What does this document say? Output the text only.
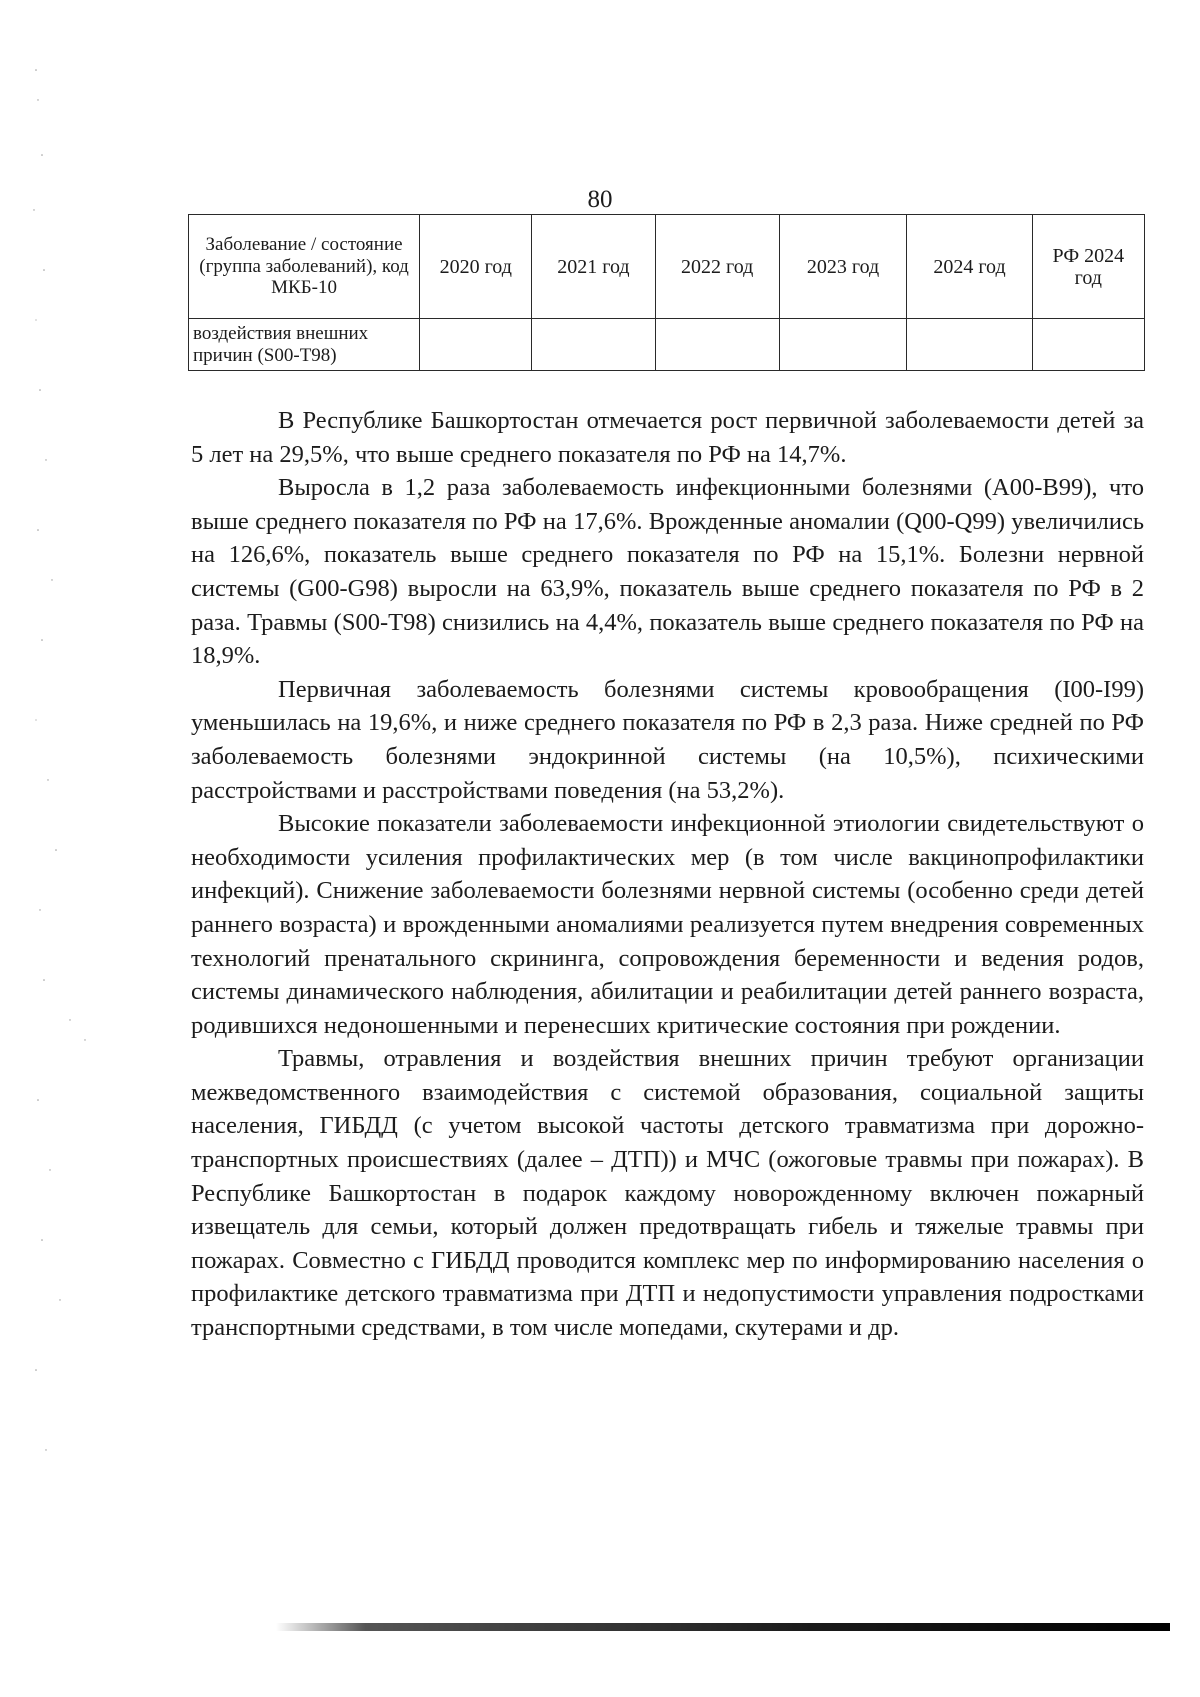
80
Заболевание / состояние (группа заболеваний), код МКБ-10	2020 год	2021 год	2022 год	2023 год	2024 год	РФ 2024 год
воздействия внешних причин (S00-T98)						

В Республике Башкортостан отмечается рост первичной заболеваемости детей за 5 лет на 29,5%, что выше среднего показателя по РФ на 14,7%.

Выросла в 1,2 раза заболеваемость инфекционными болезнями (A00-B99), что выше среднего показателя по РФ на 17,6%. Врожденные аномалии (Q00-Q99) увеличились на 126,6%, показатель выше среднего показателя по РФ на 15,1%. Болезни нервной системы (G00-G98) выросли на 63,9%, показатель выше среднего показателя по РФ в 2 раза. Травмы (S00-T98) снизились на 4,4%, показатель выше среднего показателя по РФ на 18,9%.

Первичная заболеваемость болезнями системы кровообращения (I00-I99) уменьшилась на 19,6%, и ниже среднего показателя по РФ в 2,3 раза. Ниже средней по РФ заболеваемость болезнями эндокринной системы (на 10,5%), психическими расстройствами и расстройствами поведения (на 53,2%).

Высокие показатели заболеваемости инфекционной этиологии свидетельствуют о необходимости усиления профилактических мер (в том числе вакцинопрофилактики инфекций). Снижение заболеваемости болезнями нервной системы (особенно среди детей раннего возраста) и врожденными аномалиями реализуется путем внедрения современных технологий пренатального скрининга, сопровождения беременности и ведения родов, системы динамического наблюдения, абилитации и реабилитации детей раннего возраста, родившихся недоношенными и перенесших критические состояния при рождении.

Травмы, отравления и воздействия внешних причин требуют организации межведомственного взаимодействия с системой образования, социальной защиты населения, ГИБДД (с учетом высокой частоты детского травматизма при дорожно-транспортных происшествиях (далее – ДТП)) и МЧС (ожоговые травмы при пожарах). В Республике Башкортостан в подарок каждому новорожденному включен пожарный извещатель для семьи, который должен предотвращать гибель и тяжелые травмы при пожарах. Совместно с ГИБДД проводится комплекс мер по информированию населения о профилактике детского травматизма при ДТП и недопустимости управления подростками транспортными средствами, в том числе мопедами, скутерами и др.
